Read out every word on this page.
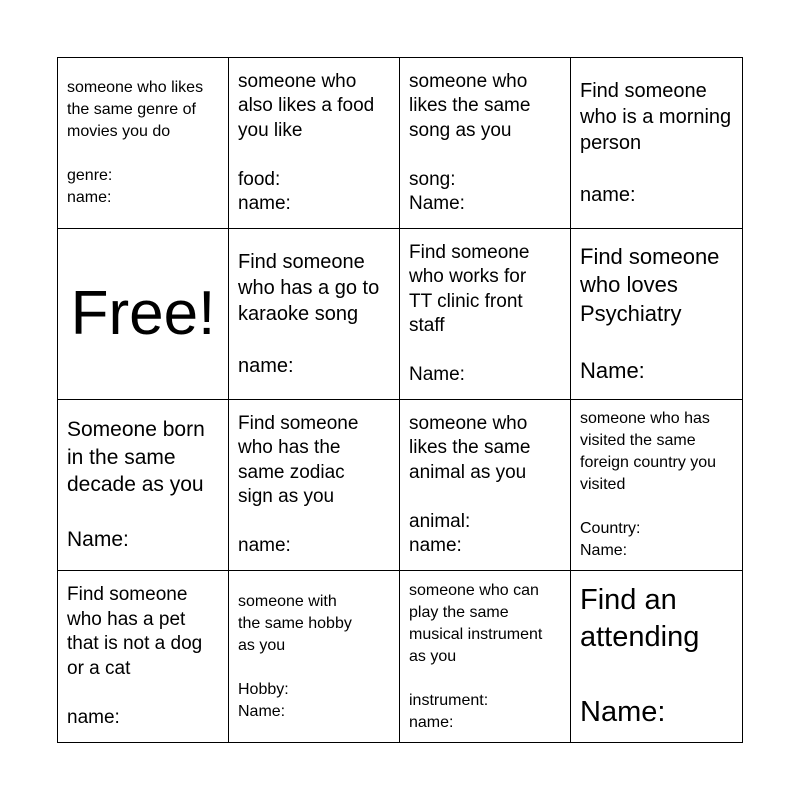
someone who likes the same genre of movies you do

genre:
name:
someone who also likes a food you like

food:
name:
someone who likes the same song as you

song:
Name:
Find someone who is a morning person

name:
Free!
Find someone who has a go to karaoke song

name:
Find someone who works for TT clinic front staff

Name:
Find someone who loves Psychiatry

Name:
Someone born in the same decade as you

Name:
Find someone who has the same zodiac sign as you

name:
someone who likes the same animal as you

animal:
name:
someone who has visited the same foreign country you visited

Country:
Name:
Find someone who has a pet that is not a dog or a cat

name:
someone with the same hobby as you

Hobby:
Name:
someone who can play the same musical instrument as you

instrument:
name:
Find an attending

Name:
